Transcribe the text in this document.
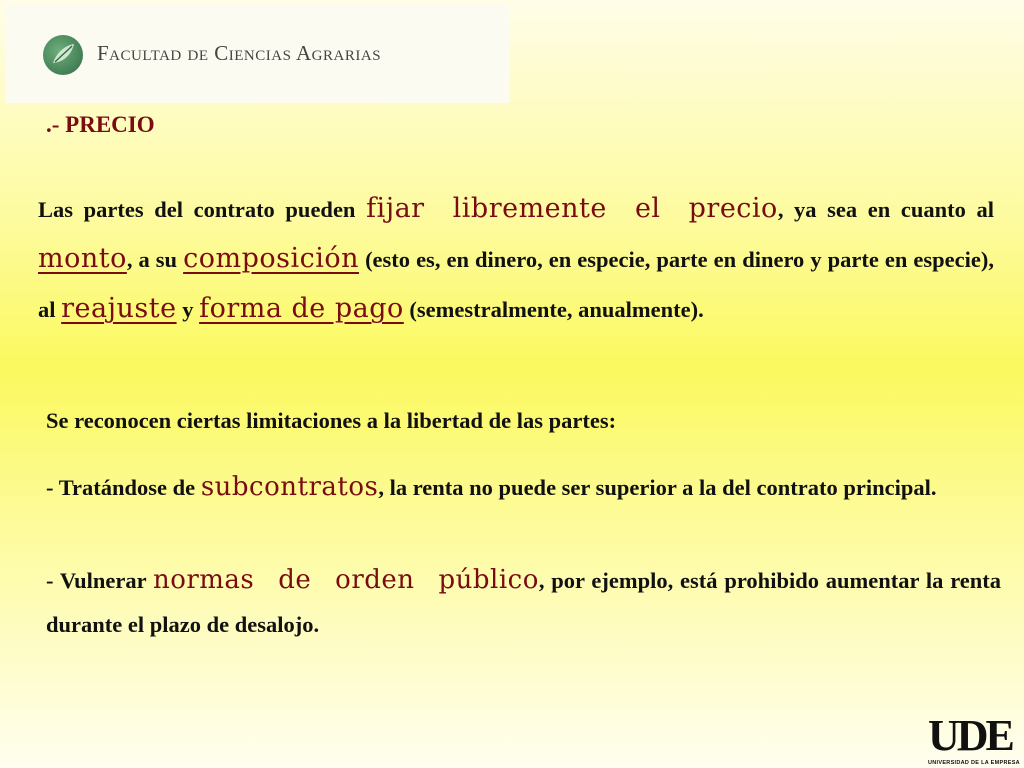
Facultad de Ciencias Agrarias
.- PRECIO
Las partes del contrato pueden fijar libremente el precio, ya sea en cuanto al monto, a su composición (esto es, en dinero, en especie, parte en dinero y parte en especie), al reajuste y forma de pago (semestralmente, anualmente).
Se reconocen ciertas limitaciones a la libertad de las partes:
- Tratándose de subcontratos, la renta no puede ser superior a la del contrato principal.
- Vulnerar normas de orden público, por ejemplo, está prohibido aumentar la renta durante el plazo de desalojo.
UDE
UNIVERSIDAD DE LA EMPRESA
